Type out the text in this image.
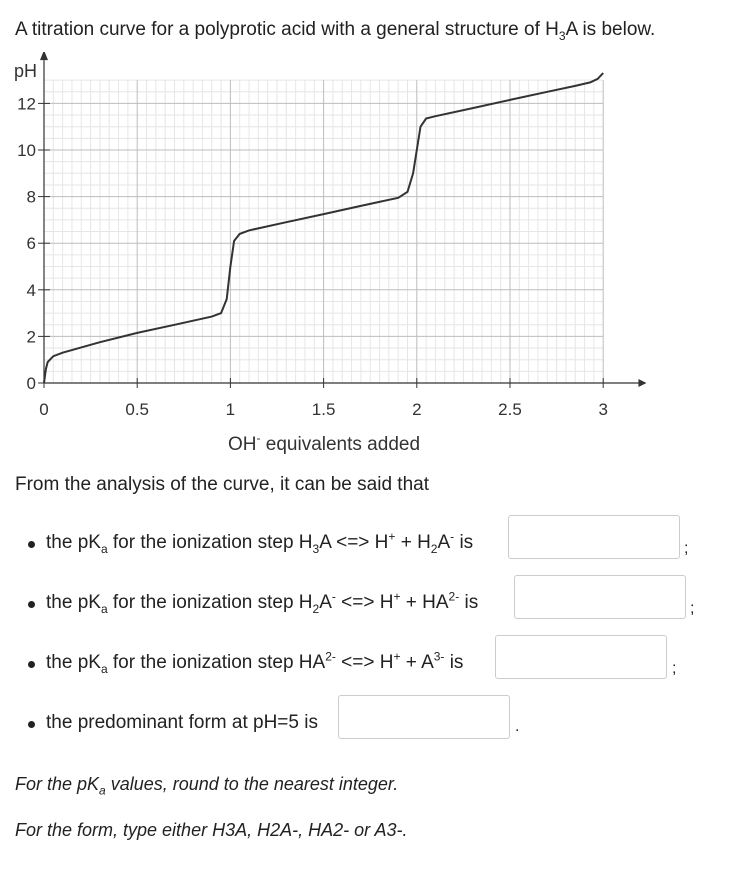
A titration curve for a polyprotic acid with a general structure of $H_3A$ is below.

0
2
4
6
8
10
12
0	0.5	1	1.5	2	2.5	3
pH
OH- equivalents added

From the analysis of the curve, it can be said that

the $pK_a$ for the ionization step $H_3A$ <=> $H^+ + H_2A^-$ is	;
the $pK_a$ for the ionization step $H_2A^-$ <=> $H^+ + HA^{2-}$ is	;
the $pK_a$ for the ionization step $HA^{2-}$ <=> $H^+ + A^{3-}$ is	;
the predominant form at pH=5 is	.

For the $pK_a$ values, round to the nearest integer.

For the form, type either H3A, H2A-, HA2- or A3-.
